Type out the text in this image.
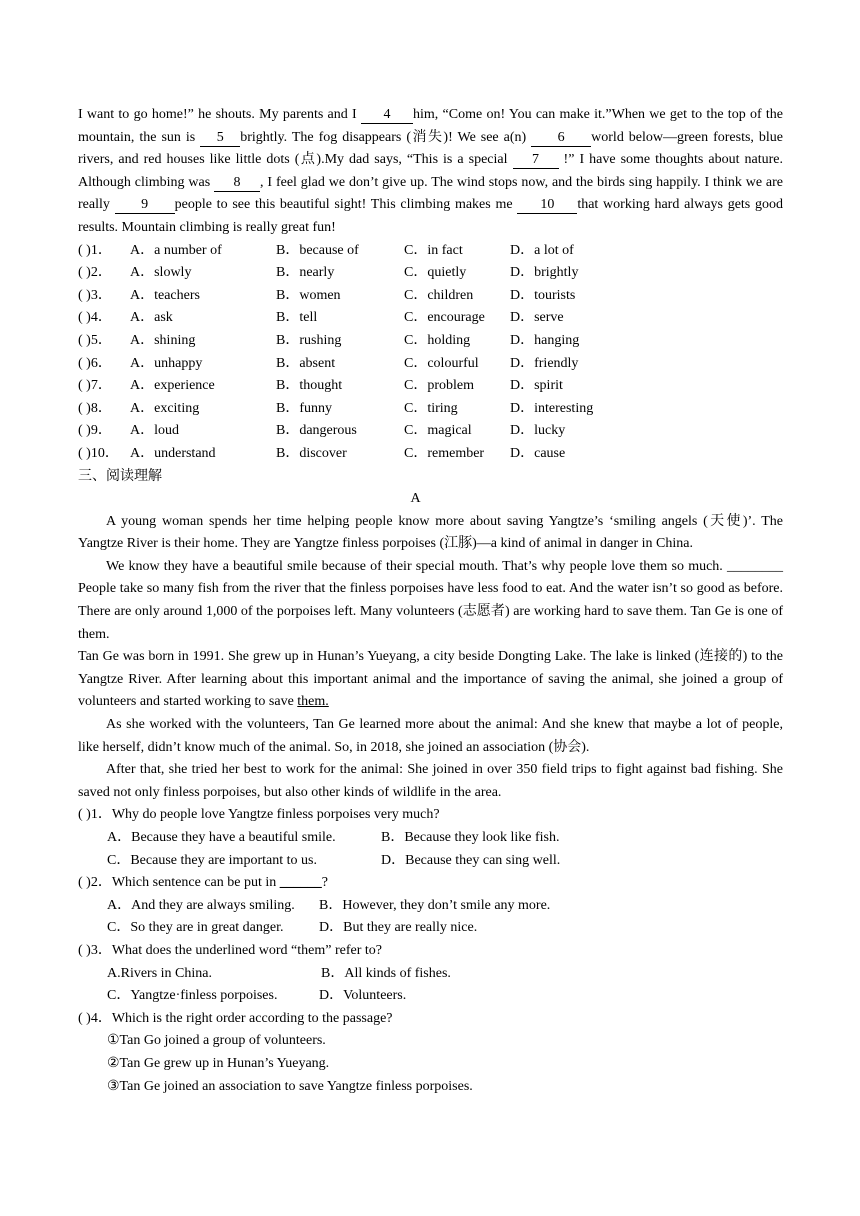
I want to go home!” he shouts. My parents and I 4 him, “Come on! You can make it.”When we get to the top of the mountain, the sun is 5 brightly. The fog disappears (消失)! We see a(n) 6 world below—green forests, blue rivers, and red houses like little dots (点).My dad says, “This is a special 7 !” I have some thoughts about nature. Although climbing was 8 , I feel glad we don’t give up. The wind stops now, and the birds sing happily. I think we are really 9 people to see this beautiful sight! This climbing makes me 10 that working hard always gets good results. Mountain climbing is really great fun!

( )1．	A．a number of	B．because of	C．in fact	D．a lot of
( )2．	A．slowly	B．nearly	C．quietly	D．brightly
( )3．	A．teachers	B．women	C．children	D．tourists
( )4．	A．ask	B．tell	C．encourage	D．serve
( )5．	A．shining	B．rushing	C．holding	D．hanging
( )6．	A．unhappy	B．absent	C．colourful	D．friendly
( )7．	A．experience	B．thought	C．problem	D．spirit
( )8．	A．exciting	B．funny	C．tiring	D．interesting
( )9．	A．loud	B．dangerous	C．magical	D．lucky
( )10． A．understand	B．discover	C．remember	D．cause
三、阅读理解
A

A young woman spends her time helping people know more about saving Yangtze’s ‘smiling angels (天使)’. The Yangtze River is their home. They are Yangtze finless porpoises (江豚)—a kind of animal in danger in China.

We know they have a beautiful smile because of their special mouth. That’s why people love them so much. ________ People take so many fish from the river that the finless porpoises have less food to eat. And the water isn’t so good as before. There are only around 1,000 of the porpoises left. Many volunteers (志愿者) are working hard to save them. Tan Ge is one of them.

Tan Ge was born in 1991. She grew up in Hunan’s Yueyang, a city beside Dongting Lake. The lake is linked (连接的) to the Yangtze River. After learning about this important animal and the importance of saving the animal, she joined a group of volunteers and started working to save them.

As she worked with the volunteers, Tan Ge learned more about the animal: And she knew that maybe a lot of people, like herself, didn’t know much of the animal. So, in 2018, she joined an association (协会).

After that, she tried her best to work for the animal: She joined in over 350 field trips to fight against bad fishing. She saved not only finless porpoises, but also other kinds of wildlife in the area.

( )1．Why do people love Yangtze finless porpoises very much?
A．Because they have a beautiful smile.	B．Because they look like fish.
C．Because they are important to us.	D．Because they can sing well.
( )2．Which sentence can be put in ______?
A．And they are always smiling.	B．However, they don’t smile any more.
C．So they are in great danger.	D．But they are really nice.
( )3．What does the underlined word “them” refer to?
A.Rivers in China.	B．All kinds of fishes.
C．Yangtze·finless porpoises.	D．Volunteers.
( )4．Which is the right order according to the passage?
①Tan Go joined a group of volunteers.
②Tan Ge grew up in Hunan’s Yueyang.
③Tan Ge joined an association to save Yangtze finless porpoises.
